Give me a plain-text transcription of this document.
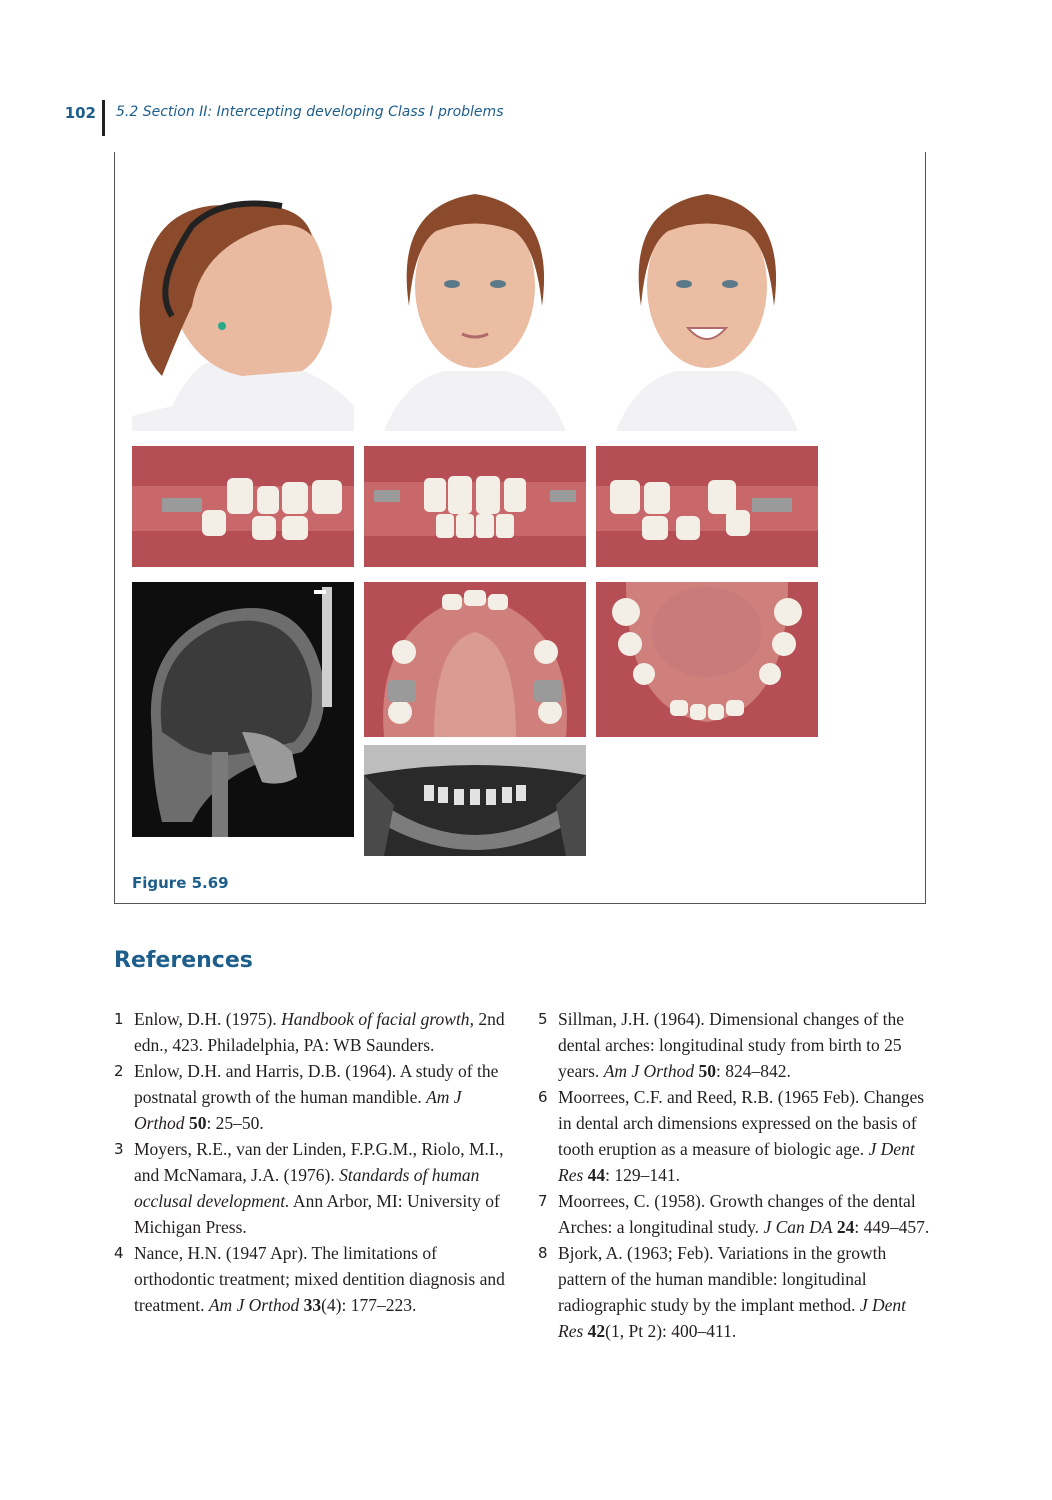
102 5.2 Section II: Intercepting developing Class I problems
Figure 5.69
References
1 Enlow, D.H. (1975). Handbook of facial growth, 2nd edn., 423. Philadelphia, PA: WB Saunders.
2 Enlow, D.H. and Harris, D.B. (1964). A study of the postnatal growth of the human mandible. Am J Orthod 50: 25–50.
3 Moyers, R.E., van der Linden, F.P.G.M., Riolo, M.I., and McNamara, J.A. (1976). Standards of human occlusal development. Ann Arbor, MI: University of Michigan Press.
4 Nance, H.N. (1947 Apr). The limitations of orthodontic treatment; mixed dentition diagnosis and treatment. Am J Orthod 33(4): 177–223.
5 Sillman, J.H. (1964). Dimensional changes of the dental arches: longitudinal study from birth to 25 years. Am J Orthod 50: 824–842.
6 Moorrees, C.F. and Reed, R.B. (1965 Feb). Changes in dental arch dimensions expressed on the basis of tooth eruption as a measure of biologic age. J Dent Res 44: 129–141.
7 Moorrees, C. (1958). Growth changes of the dental Arches: a longitudinal study. J Can DA 24: 449–457.
8 Bjork, A. (1963; Feb). Variations in the growth pattern of the human mandible: longitudinal radiographic study by the implant method. J Dent Res 42(1, Pt 2): 400–411.
